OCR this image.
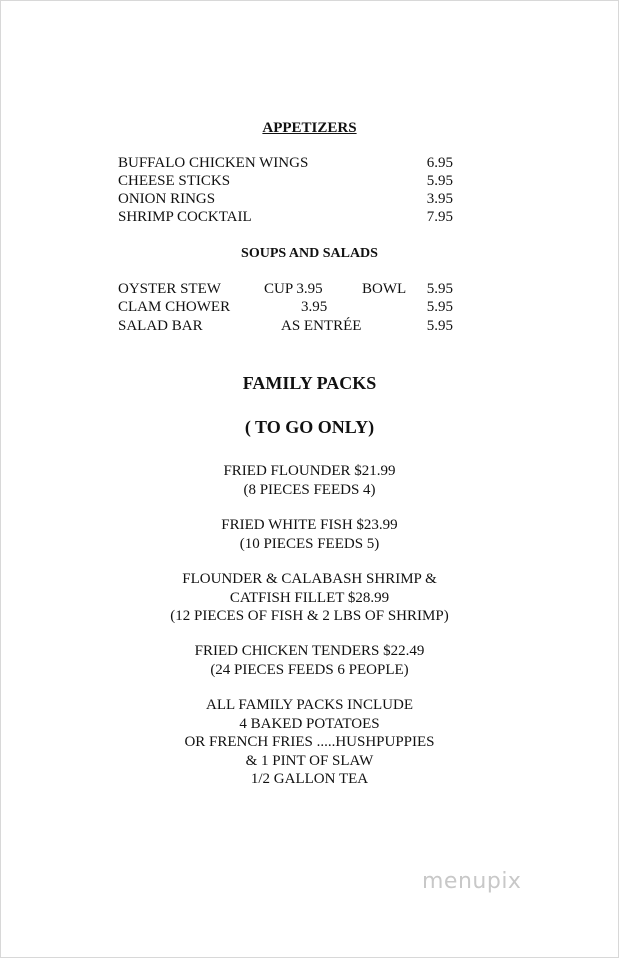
APPETIZERS
BUFFALO CHICKEN WINGS	6.95
CHEESE STICKS	5.95
ONION RINGS	3.95
SHRIMP COCKTAIL	7.95
SOUPS AND SALADS
OYSTER STEW	CUP 3.95	BOWL 5.95
CLAM CHOWER	3.95	5.95
SALAD BAR	AS ENTRÉE	5.95
FAMILY PACKS
( TO GO ONLY)
FRIED FLOUNDER $21.99
(8 PIECES FEEDS 4)
FRIED WHITE FISH $23.99
(10 PIECES FEEDS 5)
FLOUNDER & CALABASH SHRIMP &
CATFISH FILLET $28.99
(12 PIECES OF FISH & 2 LBS OF SHRIMP)
FRIED CHICKEN TENDERS $22.49
(24 PIECES FEEDS 6 PEOPLE)
ALL FAMILY PACKS INCLUDE
4 BAKED POTATOES
OR FRENCH FRIES .....HUSHPUPPIES
& 1 PINT OF SLAW
1/2 GALLON TEA
menupix
